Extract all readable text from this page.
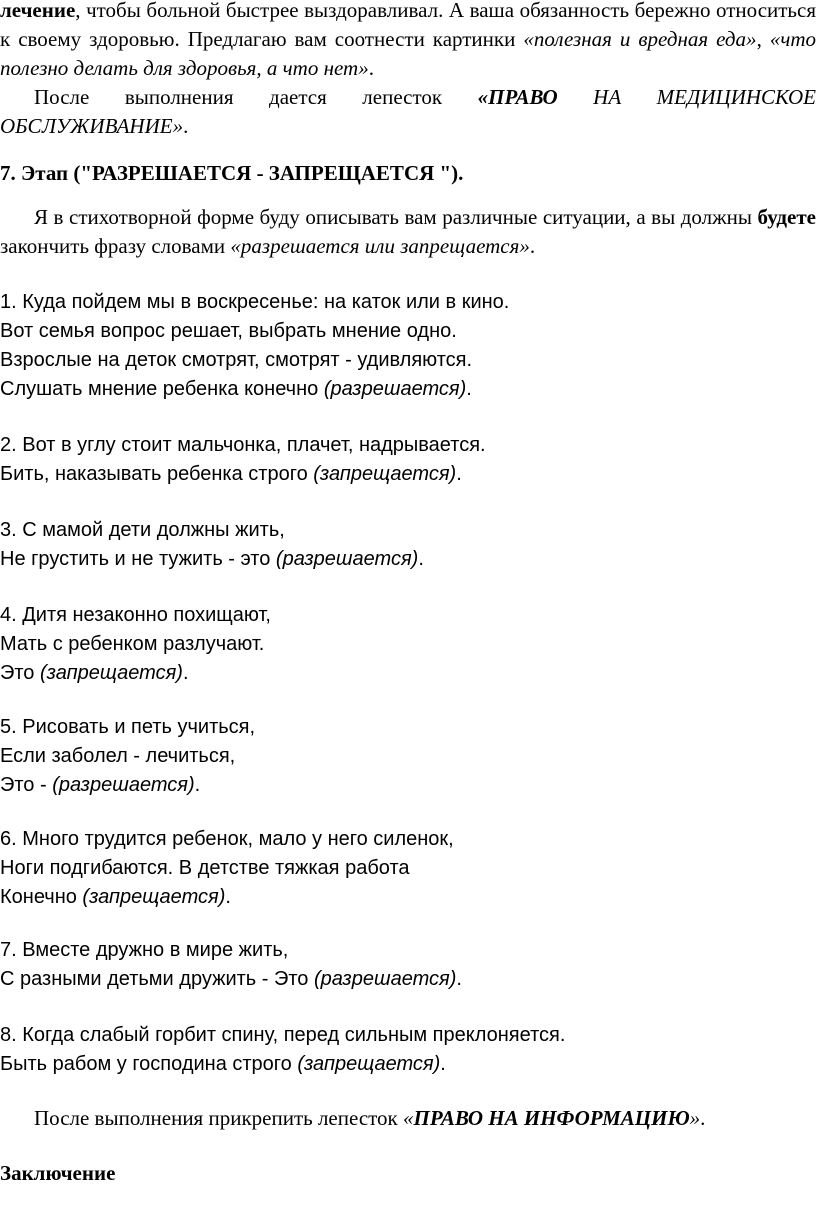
лечение, чтобы больной быстрее выздоравливал. А ваша обязанность бережно относиться к своему здоровью. Предлагаю вам соотнести картинки «полезная и вредная еда», «что полезно делать для здоровья, а что нет».

После выполнения дается лепесток «ПРАВО НА МЕДИЦИНСКОЕ ОБСЛУЖИВАНИЕ».

7. Этап ("РАЗРЕШАЕТСЯ - ЗАПРЕЩАЕТСЯ ").

Я в стихотворной форме буду описывать вам различные ситуации, а вы должны будете закончить фразу словами «разрешается или запрещается».

1. Куда пойдем мы в воскресенье: на каток или в кино.
Вот семья вопрос решает, выбрать мнение одно.
Взрослые на деток смотрят, смотрят - удивляются.
Слушать мнение ребенка конечно (разрешается).
2. Вот в углу стоит мальчонка, плачет, надрывается.
Бить, наказывать ребенка строго (запрещается).
3. С мамой дети должны жить,
Не грустить и не тужить - это (разрешается).
4. Дитя незаконно похищают,
Мать с ребенком разлучают.
Это (запрещается).
5. Рисовать и петь учиться,
Если заболел - лечиться,
Это - (разрешается).
6. Много трудится ребенок, мало у него силенок,
Ноги подгибаются. В детстве тяжкая работа
Конечно (запрещается).
7. Вместе дружно в мире жить,
С разными детьми дружить - Это (разрешается).
8. Когда слабый горбит спину, перед сильным преклоняется.
Быть рабом у господина строго (запрещается).

После выполнения прикрепить лепесток «ПРАВО НА ИНФОРМАЦИЮ».

Заключение
